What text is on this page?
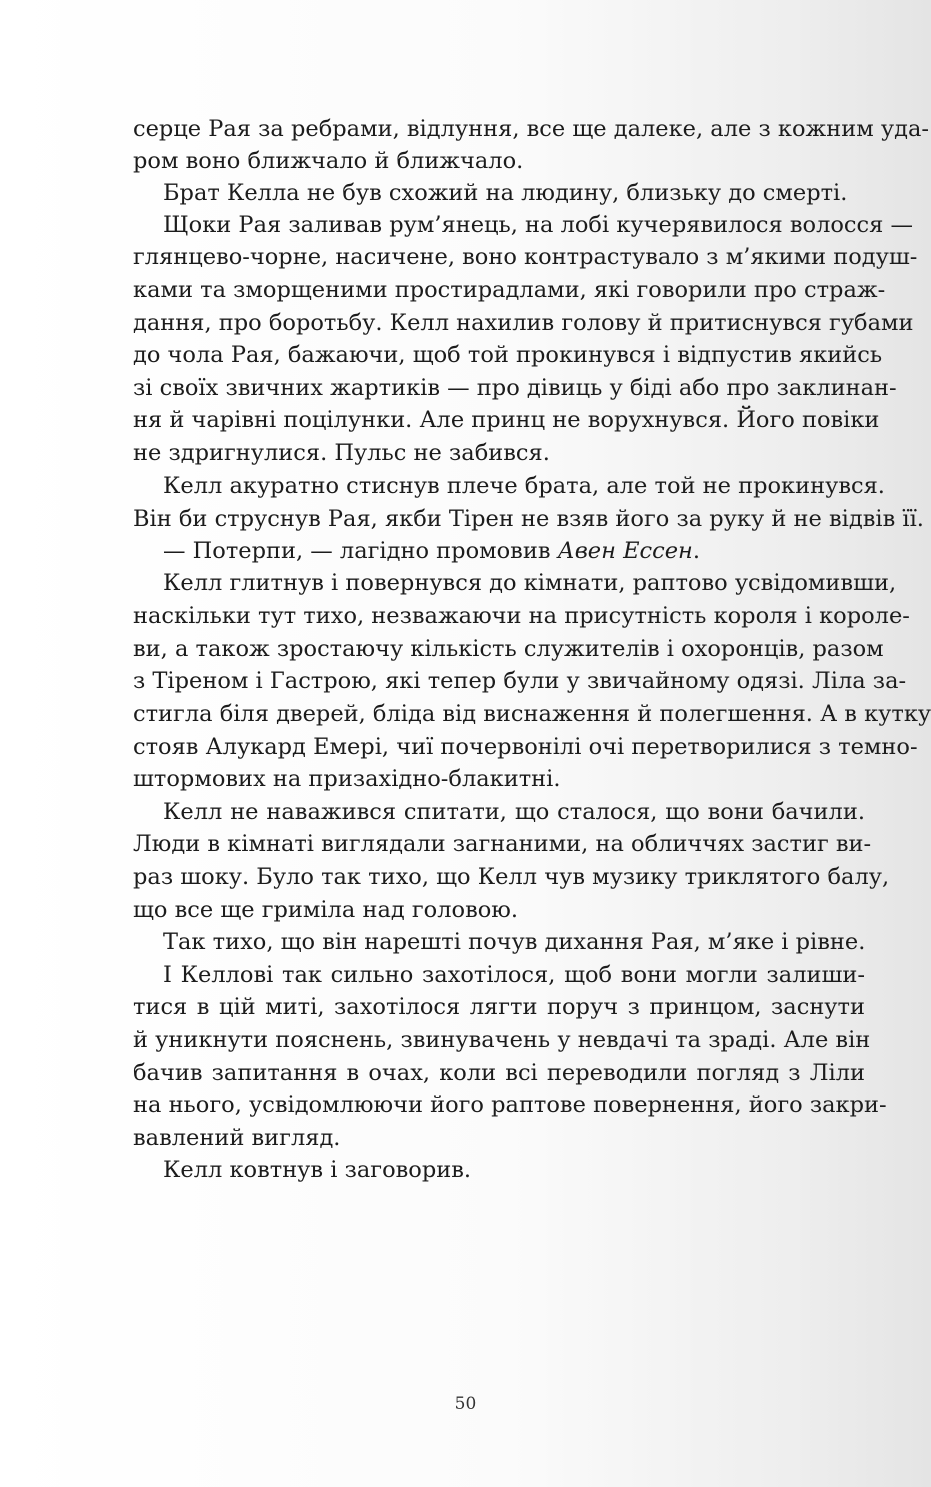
серце Рая за ребрами, відлуння, все ще далеке, але з кожним уда-
ром воно ближчало й ближчало.
Брат Келла не був схожий на людину, близьку до смерті.
Щоки Рая заливав рум’янець, на лобі кучерявилося волосся —
глянцево-чорне, насичене, воно контрастувало з м’якими подуш-
ками та зморщеними простирадлами, які говорили про страж-
дання, про боротьбу. Келл нахилив голову й притиснувся губами
до чола Рая, бажаючи, щоб той прокинувся і відпустив якийсь
зі своїх звичних жартиків — про дівиць у біді або про заклинан-
ня й чарівні поцілунки. Але принц не ворухнувся. Його повіки
не здригнулися. Пульс не забився.
Келл акуратно стиснув плече брата, але той не прокинувся.
Він би струснув Рая, якби Тірен не взяв його за руку й не відвів її.
— Потерпи, — лагідно промовив Авен Ессен.
Келл глитнув і повернувся до кімнати, раптово усвідомивши,
наскільки тут тихо, незважаючи на присутність короля і короле-
ви, а також зростаючу кількість служителів і охоронців, разом
з Тіреном і Гастрою, які тепер були у звичайному одязі. Ліла за-
стигла біля дверей, бліда від виснаження й полегшення. А в кутку
стояв Алукард Емері, чиї почервонілі очі перетворилися з темно-
штормових на призахідно-блакитні.
Келл не наважився спитати, що сталося, що вони бачили.
Люди в кімнаті виглядали загнаними, на обличчях застиг ви-
раз шоку. Було так тихо, що Келл чув музику триклятого балу,
що все ще гриміла над головою.
Так тихо, що він нарешті почув дихання Рая, м’яке і рівне.
І Келлові так сильно захотілося, щоб вони могли залиши-
тися в цій миті, захотілося лягти поруч з принцом, заснути
й уникнути пояснень, звинувачень у невдачі та зраді. Але він
бачив запитання в очах, коли всі переводили погляд з Ліли
на нього, усвідомлюючи його раптове повернення, його закри-
вавлений вигляд.
Келл ковтнув і заговорив.
50
